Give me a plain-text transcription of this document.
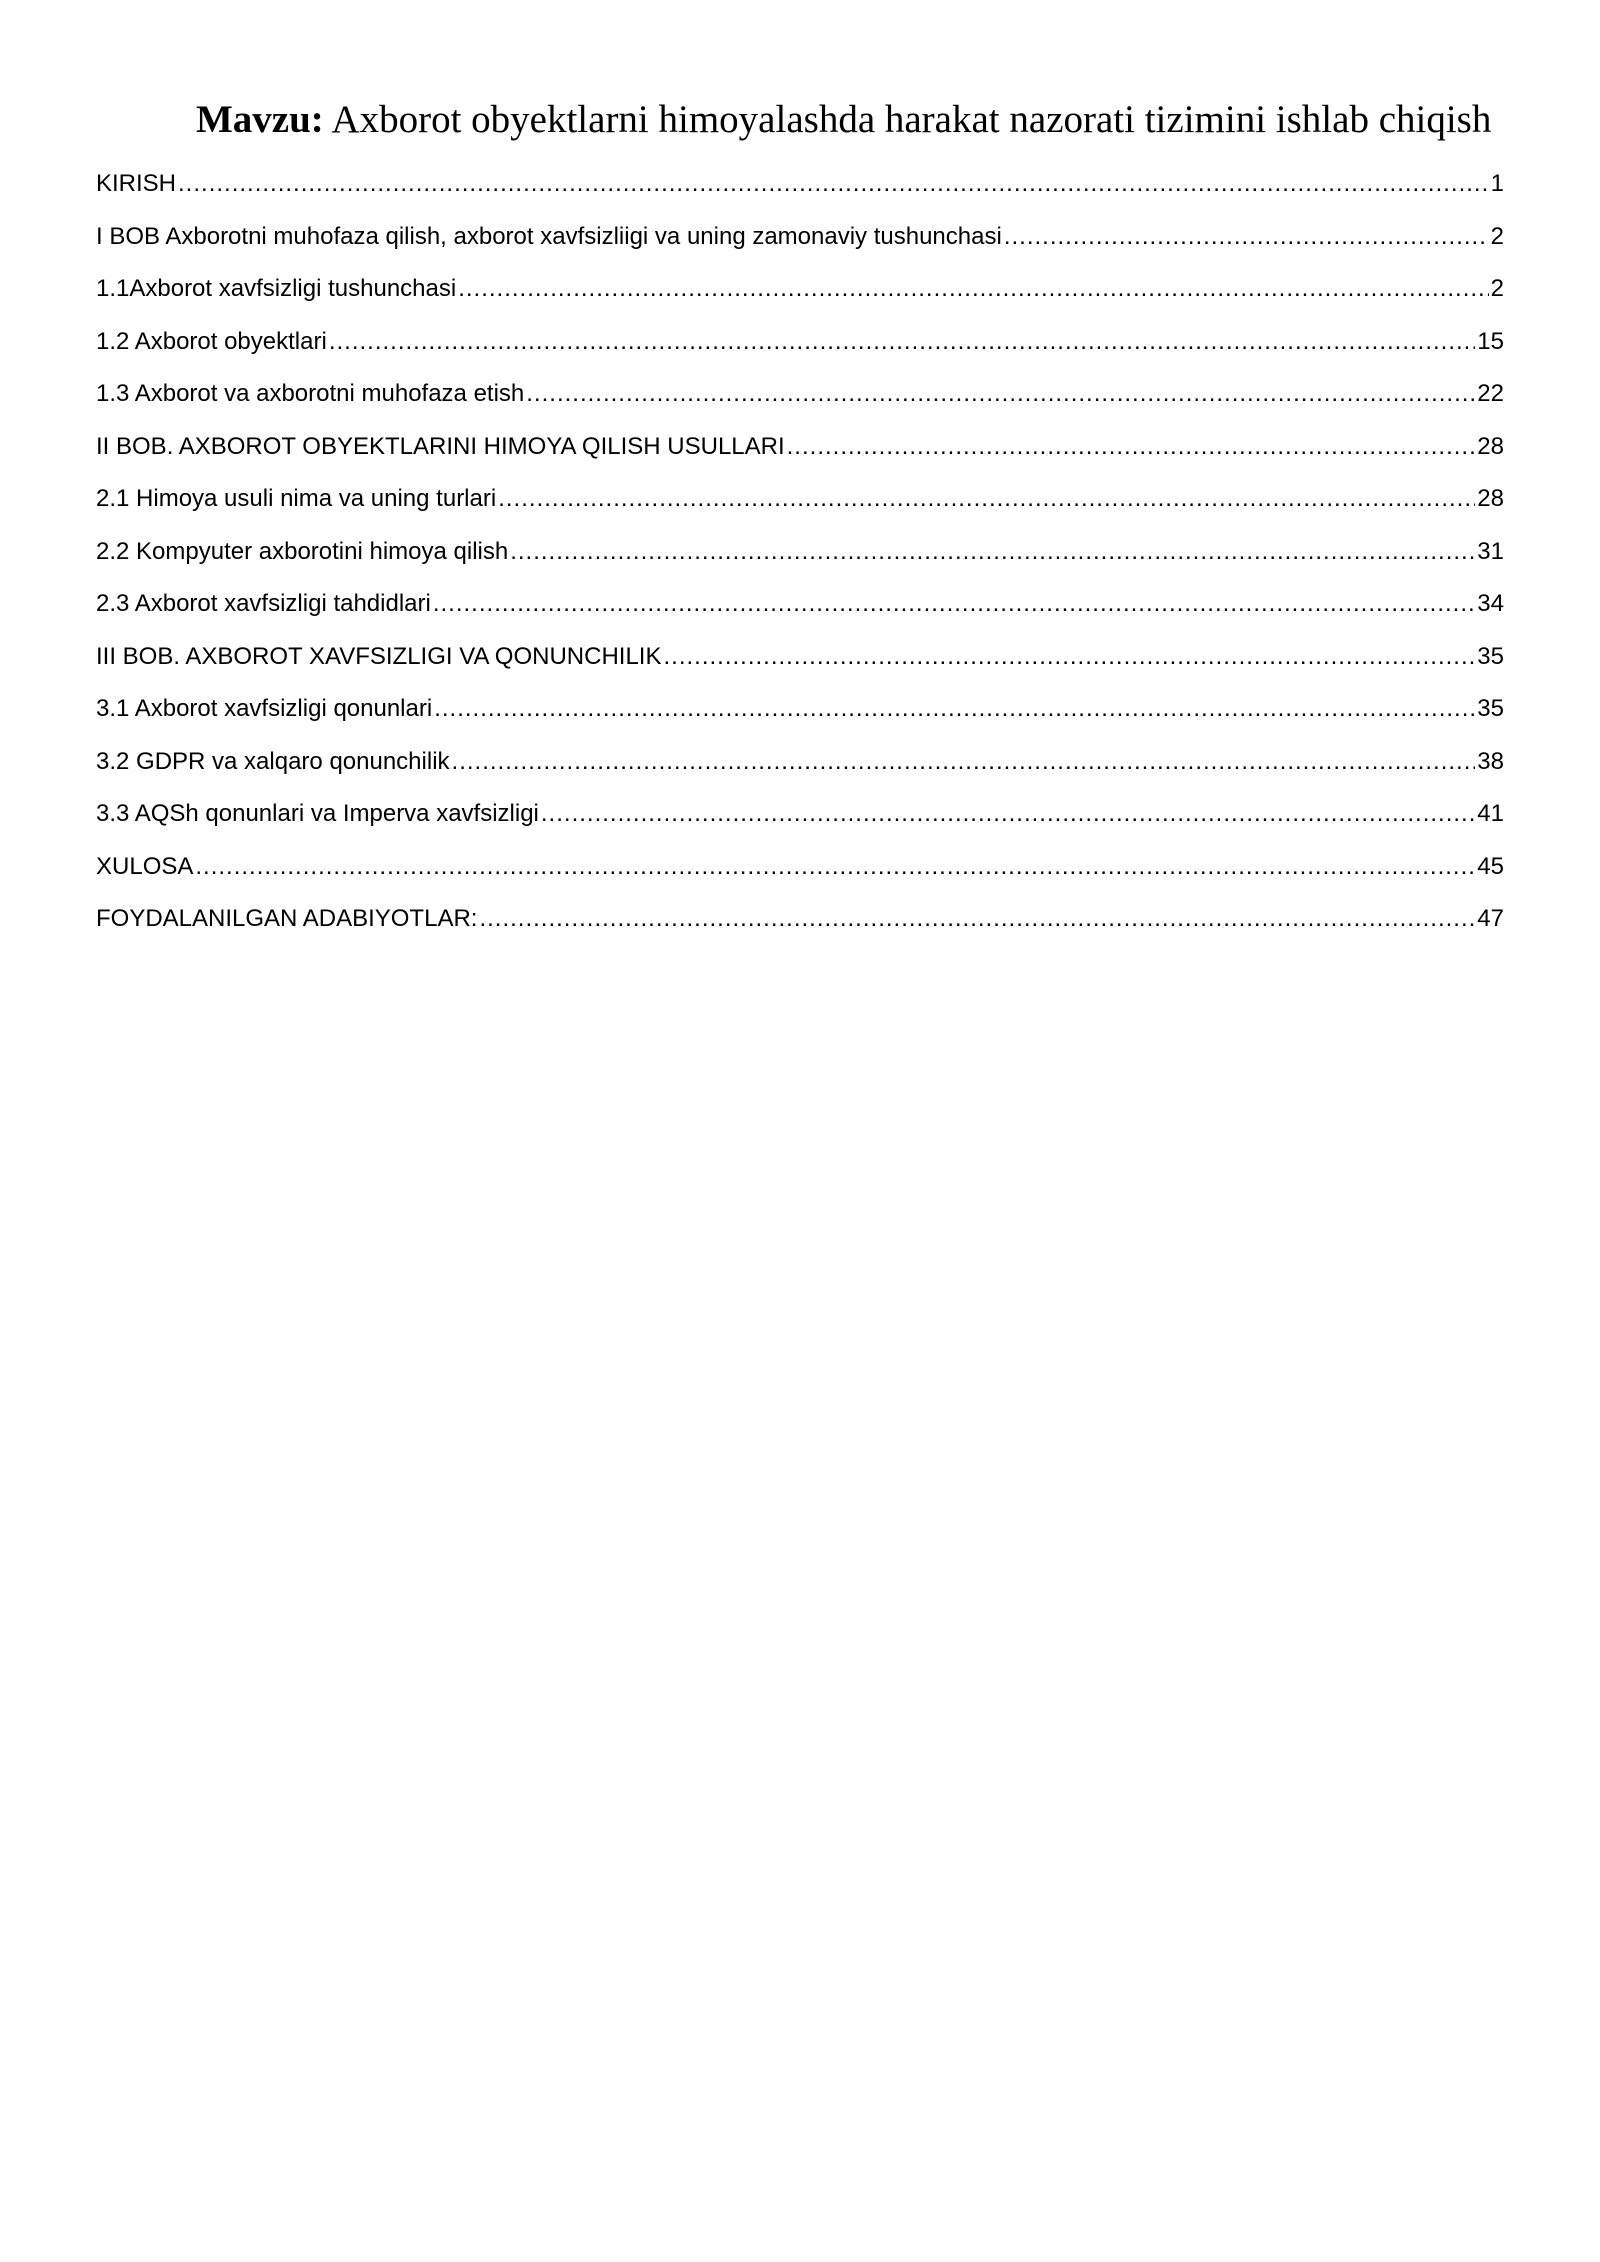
Mavzu: Axborot obyektlarni himoyalashda harakat nazorati tizimini ishlab chiqish
KIRISH .....	1
I BOB Axborotni muhofaza qilish, axborot xavfsizliigi va uning zamonaviy tushunchasi .....	2
1.1Axborot xavfsizligi tushunchasi .....	2
1.2 Axborot obyektlari .....	15
1.3 Axborot va axborotni muhofaza etish .....	22
II BOB. AXBOROT OBYEKTLARINI HIMOYA QILISH USULLARI .....	28
2.1 Himoya usuli nima va uning turlari .....	28
2.2 Kompyuter axborotini himoya qilish .....	31
2.3 Axborot xavfsizligi tahdidlari .....	34
III BOB. AXBOROT XAVFSIZLIGI VA QONUNCHILIK .....	35
3.1 Axborot xavfsizligi qonunlari .....	35
3.2 GDPR va xalqaro qonunchilik .....	38
3.3 AQSh qonunlari va Imperva xavfsizligi .....	41
XULOSA .....	45
FOYDALANILGAN ADABIYOTLAR: .....	47
